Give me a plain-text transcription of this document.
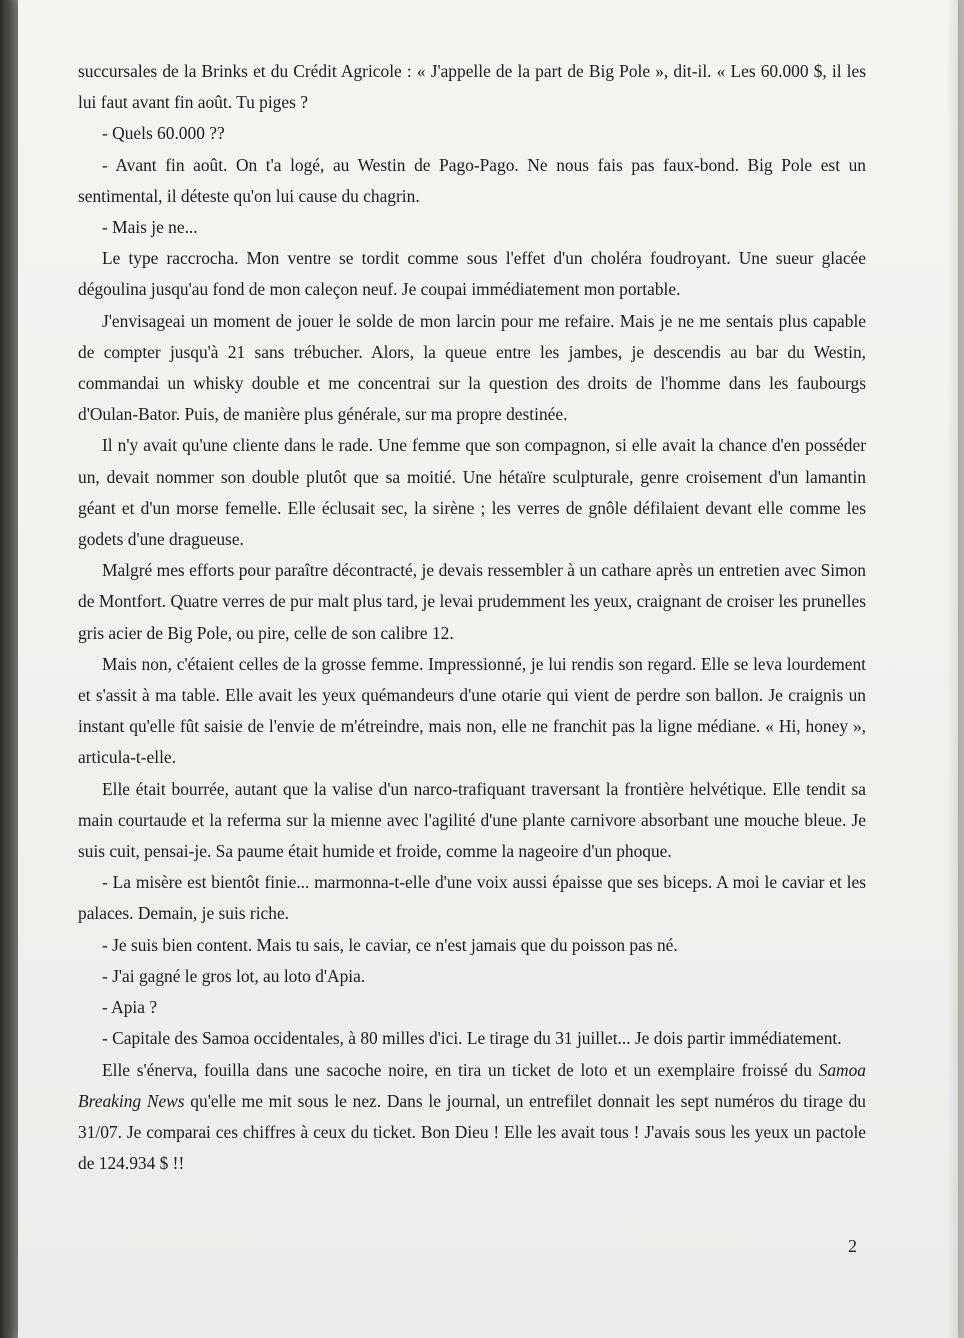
succursales de la Brinks et du Crédit Agricole : « J'appelle de la part de Big Pole », dit-il. « Les 60.000 $, il les lui faut avant fin août. Tu piges ?

- Quels 60.000 ??

- Avant fin août. On t'a logé, au Westin de Pago-Pago. Ne nous fais pas faux-bond. Big Pole est un sentimental, il déteste qu'on lui cause du chagrin.

- Mais je ne...

Le type raccrocha. Mon ventre se tordit comme sous l'effet d'un choléra foudroyant. Une sueur glacée dégoulina jusqu'au fond de mon caleçon neuf. Je coupai immédiatement mon portable.

J'envisageai un moment de jouer le solde de mon larcin pour me refaire. Mais je ne me sentais plus capable de compter jusqu'à 21 sans trébucher. Alors, la queue entre les jambes, je descendis au bar du Westin, commandai un whisky double et me concentrai sur la question des droits de l'homme dans les faubourgs d'Oulan-Bator. Puis, de manière plus générale, sur ma propre destinée.

Il n'y avait qu'une cliente dans le rade. Une femme que son compagnon, si elle avait la chance d'en posséder un, devait nommer son double plutôt que sa moitié. Une hétaïre sculpturale, genre croisement d'un lamantin géant et d'un morse femelle. Elle éclusait sec, la sirène ; les verres de gnôle défilaient devant elle comme les godets d'une dragueuse.

Malgré mes efforts pour paraître décontracté, je devais ressembler à un cathare après un entretien avec Simon de Montfort. Quatre verres de pur malt plus tard, je levai prudemment les yeux, craignant de croiser les prunelles gris acier de Big Pole, ou pire, celle de son calibre 12.

Mais non, c'étaient celles de la grosse femme. Impressionné, je lui rendis son regard. Elle se leva lourdement et s'assit à ma table. Elle avait les yeux quémandeurs d'une otarie qui vient de perdre son ballon. Je craignis un instant qu'elle fût saisie de l'envie de m'étreindre, mais non, elle ne franchit pas la ligne médiane. « Hi, honey », articula-t-elle.

Elle était bourrée, autant que la valise d'un narco-trafiquant traversant la frontière helvétique. Elle tendit sa main courtaude et la referma sur la mienne avec l'agilité d'une plante carnivore absorbant une mouche bleue. Je suis cuit, pensai-je. Sa paume était humide et froide, comme la nageoire d'un phoque.

- La misère est bientôt finie... marmonna-t-elle d'une voix aussi épaisse que ses biceps. A moi le caviar et les palaces. Demain, je suis riche.

- Je suis bien content. Mais tu sais, le caviar, ce n'est jamais que du poisson pas né.

- J'ai gagné le gros lot, au loto d'Apia.

- Apia ?

- Capitale des Samoa occidentales, à 80 milles d'ici. Le tirage du 31 juillet... Je dois partir immédiatement.

Elle s'énerva, fouilla dans une sacoche noire, en tira un ticket de loto et un exemplaire froissé du Samoa Breaking News qu'elle me mit sous le nez. Dans le journal, un entrefilet donnait les sept numéros du tirage du 31/07. Je comparai ces chiffres à ceux du ticket. Bon Dieu ! Elle les avait tous ! J'avais sous les yeux un pactole de 124.934 $ !!

2
